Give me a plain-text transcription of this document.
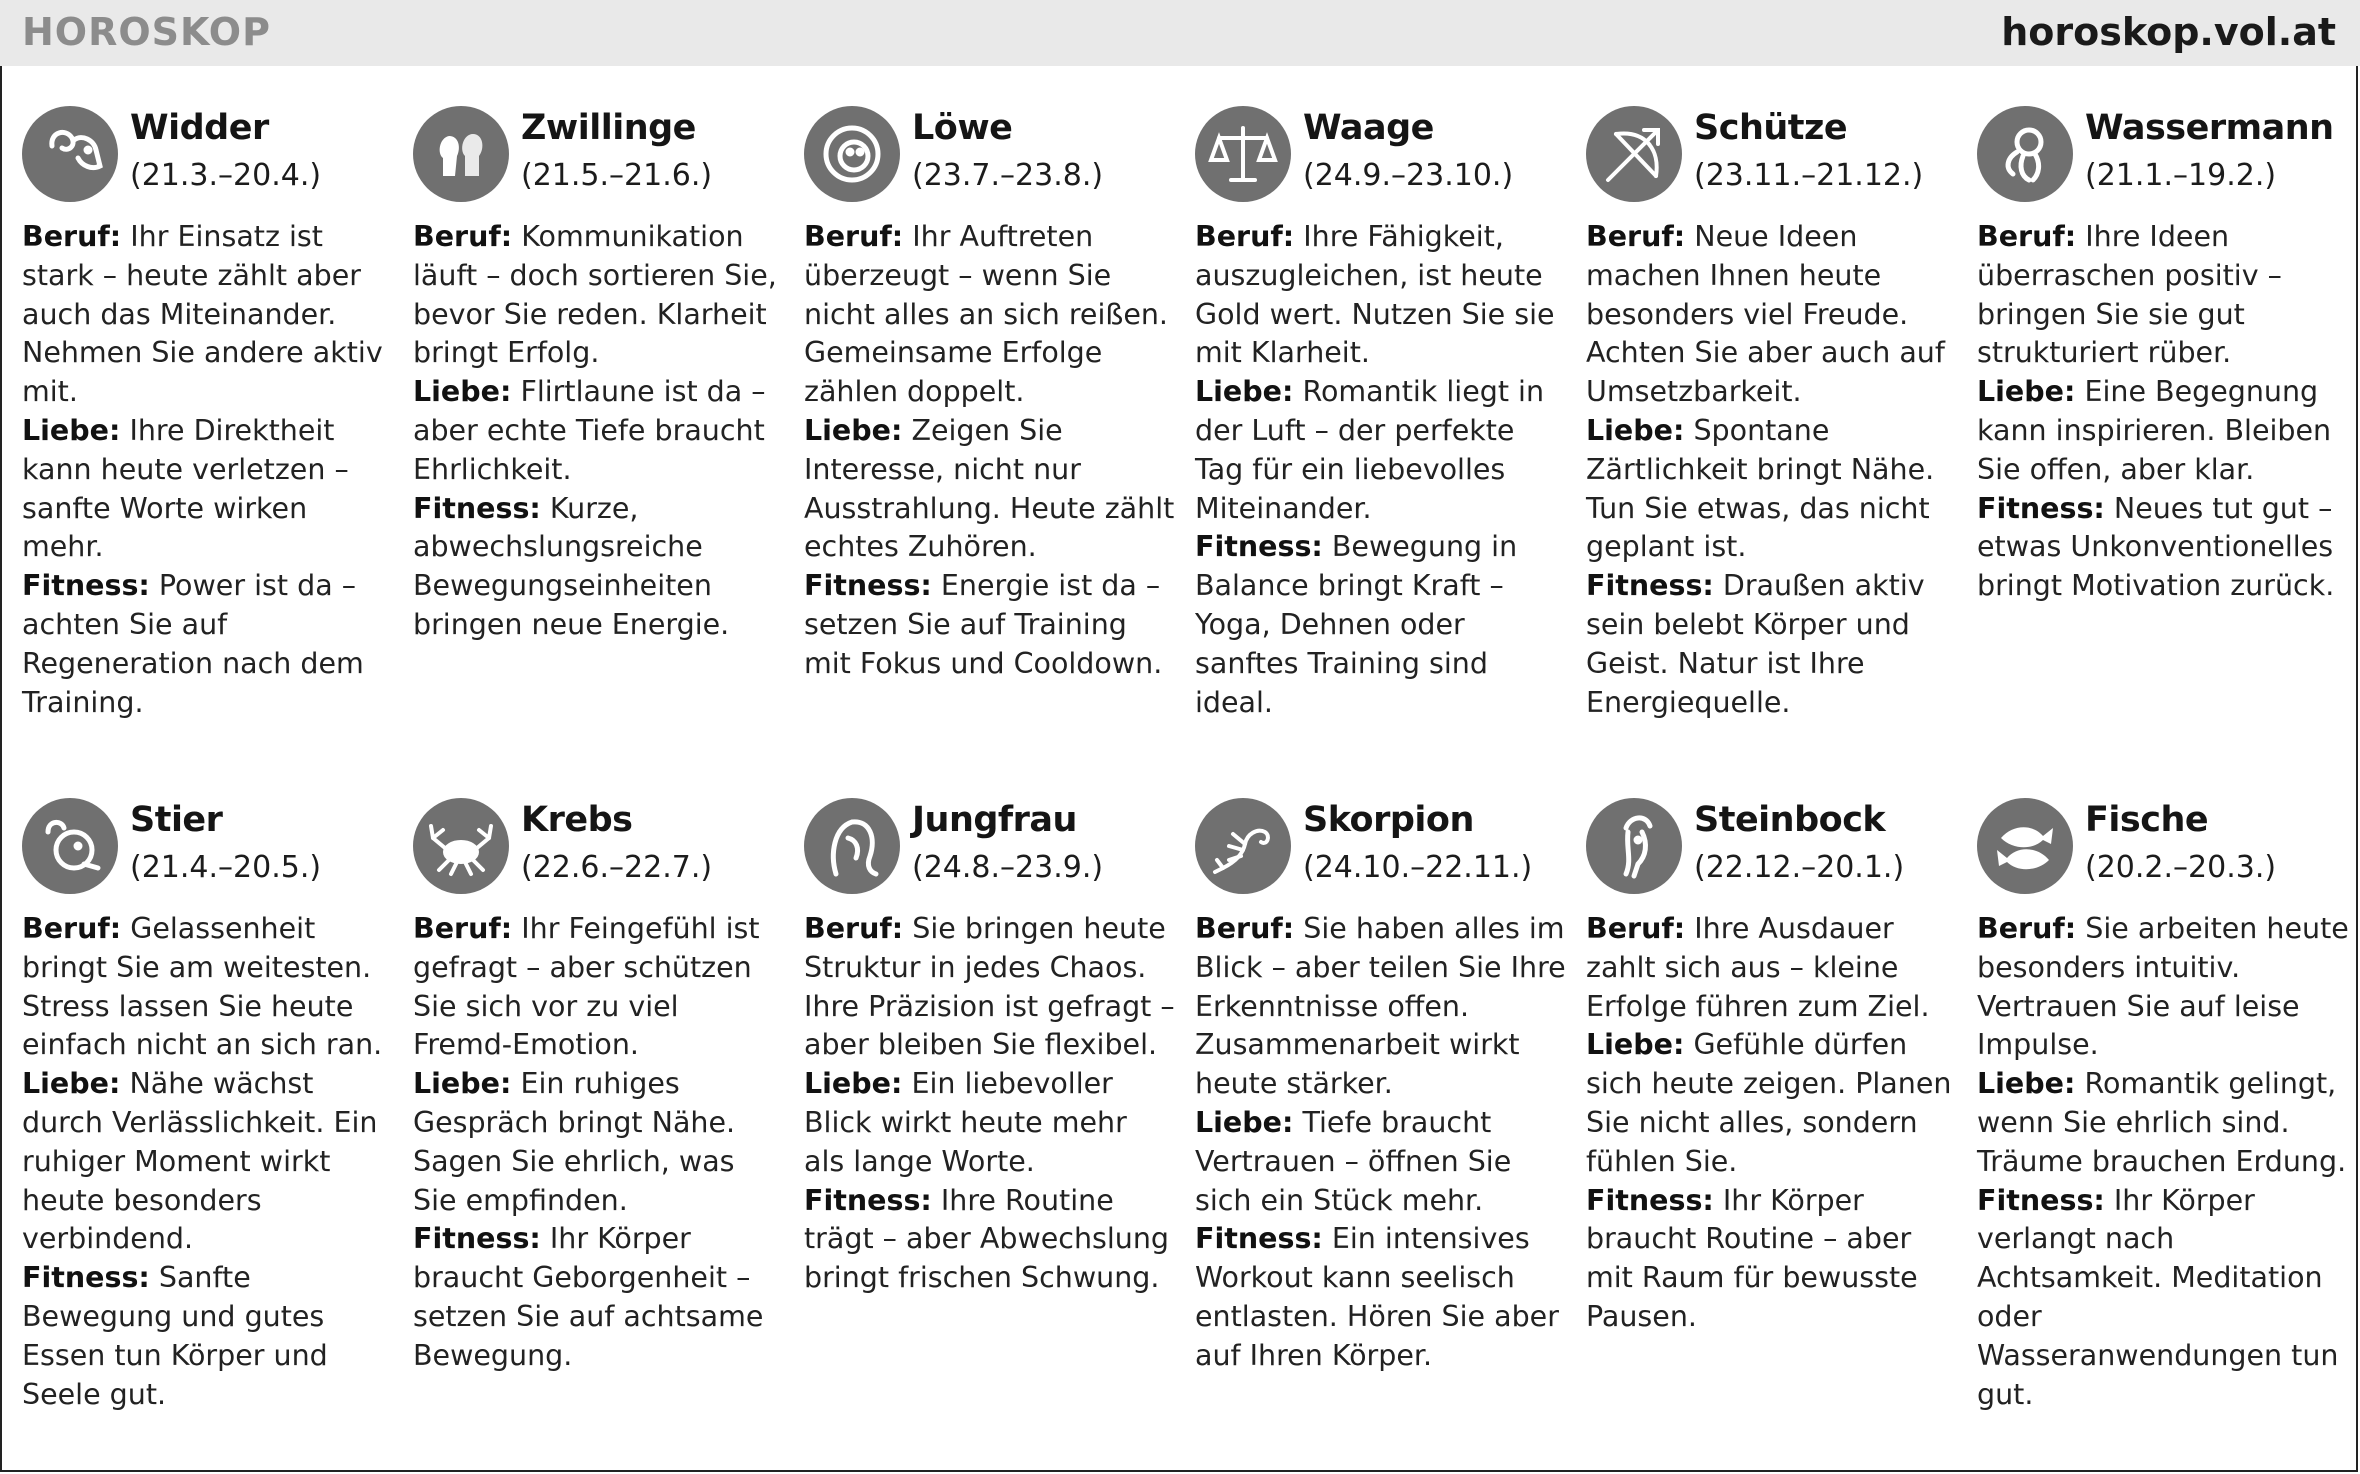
HOROSKOP	horoskop.vol.at
Widder
(21.3.–20.4.)

Beruf: Ihr Einsatz ist stark – heute zählt aber auch das Miteinander. Nehmen Sie andere aktiv mit.

Liebe: Ihre Direktheit kann heute verletzen – sanfte Worte wirken mehr.

Fitness: Power ist da – achten Sie auf Regeneration nach dem Training.

Zwillinge
(21.5.–21.6.)

Beruf: Kommunikation läuft – doch sortieren Sie, bevor Sie reden. Klarheit bringt Erfolg.

Liebe: Flirtlaune ist da – aber echte Tiefe braucht Ehrlichkeit.

Fitness: Kurze, abwechslungsreiche Bewegungseinheiten bringen neue Energie.

Löwe
(23.7.–23.8.)

Beruf: Ihr Auftreten überzeugt – wenn Sie nicht alles an sich reißen. Gemeinsame Erfolge zählen doppelt.

Liebe: Zeigen Sie Interesse, nicht nur Ausstrahlung. Heute zählt echtes Zuhören.

Fitness: Energie ist da – setzen Sie auf Training mit Fokus und Cooldown.

Waage
(24.9.–23.10.)

Beruf: Ihre Fähigkeit, auszugleichen, ist heute Gold wert. Nutzen Sie sie mit Klarheit.

Liebe: Romantik liegt in der Luft – der perfekte Tag für ein liebevolles Miteinander.

Fitness: Bewegung in Balance bringt Kraft – Yoga, Dehnen oder sanftes Training sind ideal.

Schütze
(23.11.–21.12.)

Beruf: Neue Ideen machen Ihnen heute besonders viel Freude. Achten Sie aber auch auf Umsetzbarkeit.

Liebe: Spontane Zärtlichkeit bringt Nähe. Tun Sie etwas, das nicht geplant ist.

Fitness: Draußen aktiv sein belebt Körper und Geist. Natur ist Ihre Energiequelle.

Wassermann
(21.1.–19.2.)

Beruf: Ihre Ideen überraschen positiv – bringen Sie sie gut strukturiert rüber.

Liebe: Eine Begegnung kann inspirieren. Bleiben Sie offen, aber klar.

Fitness: Neues tut gut – etwas Unkonventionelles bringt Motivation zurück.

Stier
(21.4.–20.5.)

Beruf: Gelassenheit bringt Sie am weitesten. Stress lassen Sie heute einfach nicht an sich ran.

Liebe: Nähe wächst durch Verlässlichkeit. Ein ruhiger Moment wirkt heute besonders verbindend.

Fitness: Sanfte Bewegung und gutes Essen tun Körper und Seele gut.

Krebs
(22.6.–22.7.)

Beruf: Ihr Feingefühl ist gefragt – aber schützen Sie sich vor zu viel Fremd-Emotion.

Liebe: Ein ruhiges Gespräch bringt Nähe. Sagen Sie ehrlich, was Sie empfinden.

Fitness: Ihr Körper braucht Geborgenheit – setzen Sie auf achtsame Bewegung.

Jungfrau
(24.8.–23.9.)

Beruf: Sie bringen heute Struktur in jedes Chaos. Ihre Präzision ist gefragt – aber bleiben Sie flexibel.

Liebe: Ein liebevoller Blick wirkt heute mehr als lange Worte.

Fitness: Ihre Routine trägt – aber Abwechslung bringt frischen Schwung.

Skorpion
(24.10.–22.11.)

Beruf: Sie haben alles im Blick – aber teilen Sie Ihre Erkenntnisse offen. Zusammenarbeit wirkt heute stärker.

Liebe: Tiefe braucht Vertrauen – öffnen Sie sich ein Stück mehr.

Fitness: Ein intensives Workout kann seelisch entlasten. Hören Sie aber auf Ihren Körper.

Steinbock
(22.12.–20.1.)

Beruf: Ihre Ausdauer zahlt sich aus – kleine Erfolge führen zum Ziel.

Liebe: Gefühle dürfen sich heute zeigen. Planen Sie nicht alles, sondern fühlen Sie.

Fitness: Ihr Körper braucht Routine – aber mit Raum für bewusste Pausen.

Fische
(20.2.–20.3.)

Beruf: Sie arbeiten heute besonders intuitiv. Vertrauen Sie auf leise Impulse.

Liebe: Romantik gelingt, wenn Sie ehrlich sind. Träume brauchen Erdung.

Fitness: Ihr Körper verlangt nach Achtsamkeit. Meditation oder Wasseranwendungen tun gut.
